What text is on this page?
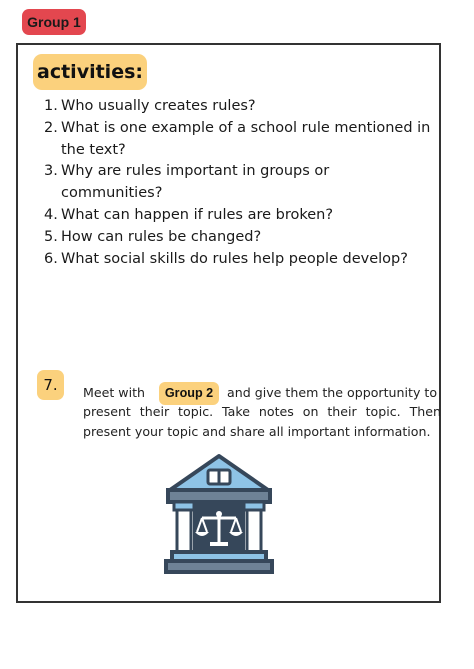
Group 1
activities:
1. Who usually creates rules?
2. What is one example of a school rule mentioned in the text?
3. Why are rules important in groups or communities?
4. What can happen if rules are broken?
5. How can rules be changed?
6. What social skills do rules help people develop?
7. Meet with Group 2 and give them the opportunity to
present their topic. Take notes on their topic. Then present your topic and share all important information.
